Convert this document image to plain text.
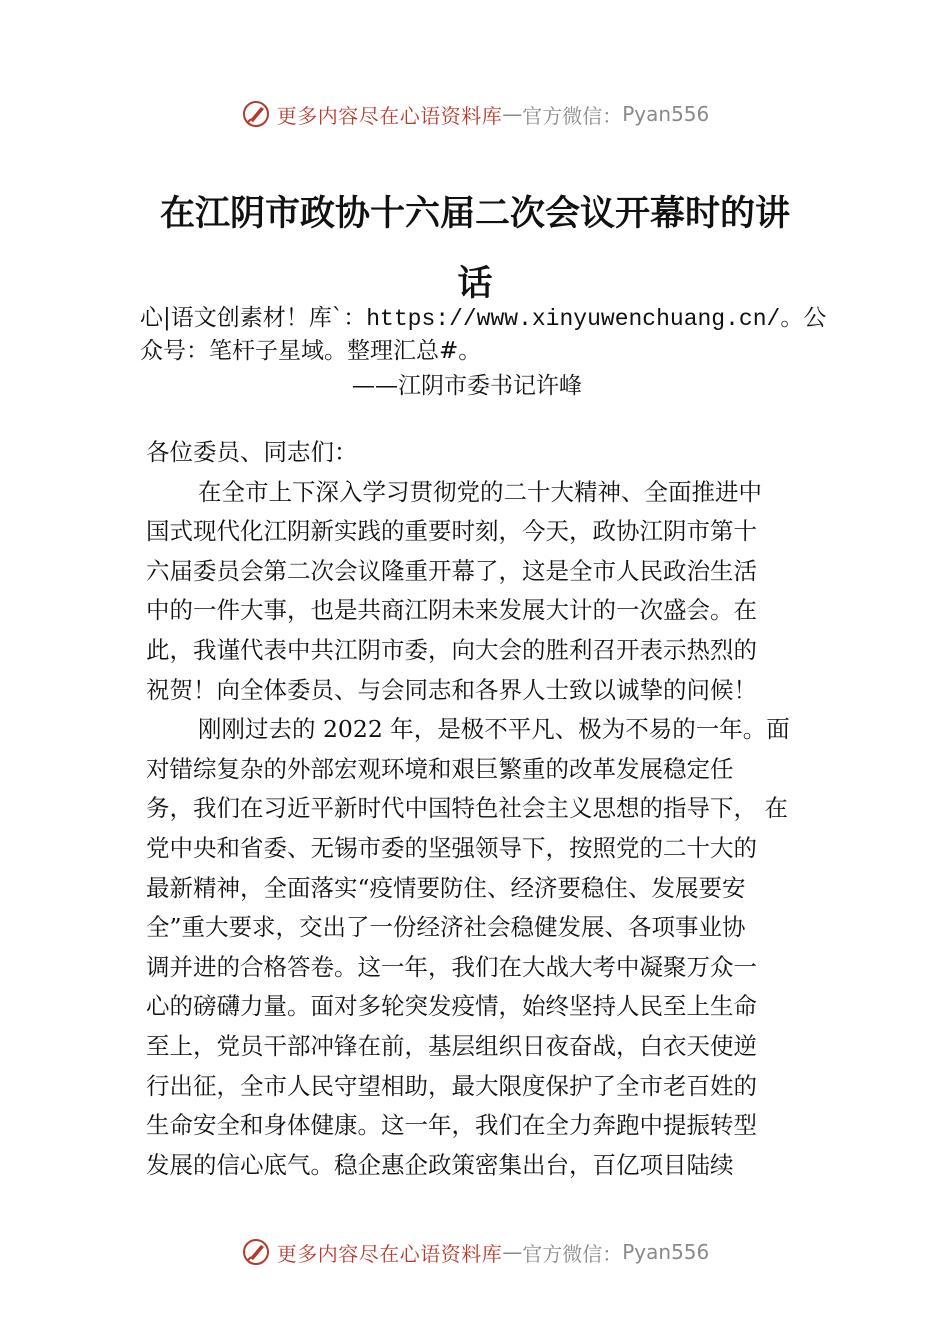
更多内容尽在心语资料库 — 官方微信： Pyan556
在江阴市政协十六届二次会议开幕时的讲
话
心|语文创素材！库`：https://www.xinyuwenchuang.cn/。公
众号：笔杆子星域。整理汇总#。
——江阴市委书记许峰
各位委员、同志们：
在全市上下深入学习贯彻党的二十大精神、全面推进中
国式现代化江阴新实践的重要时刻，今天，政协江阴市第十
六届委员会第二次会议隆重开幕了，这是全市人民政治生活
中的一件大事，也是共商江阴未来发展大计的一次盛会。在
此，我谨代表中共江阴市委，向大会的胜利召开表示热烈的
祝贺！向全体委员、与会同志和各界人士致以诚挚的问候！
刚刚过去的 2022 年，是极不平凡、极为不易的一年。面
对错综复杂的外部宏观环境和艰巨繁重的改革发展稳定任
务，我们在习近平新时代中国特色社会主义思想的指导下， 在
党中央和省委、无锡市委的坚强领导下，按照党的二十大的
最新精神，全面落实“疫情要防住、经济要稳住、发展要安
全”重大要求，交出了一份经济社会稳健发展、各项事业协
调并进的合格答卷。这一年，我们在大战大考中凝聚万众一
心的磅礴力量。面对多轮突发疫情，始终坚持人民至上生命
至上，党员干部冲锋在前，基层组织日夜奋战，白衣天使逆
行出征，全市人民守望相助，最大限度保护了全市老百姓的
生命安全和身体健康。这一年，我们在全力奔跑中提振转型
发展的信心底气。稳企惠企政策密集出台，百亿项目陆续
更多内容尽在心语资料库 — 官方微信： Pyan556
